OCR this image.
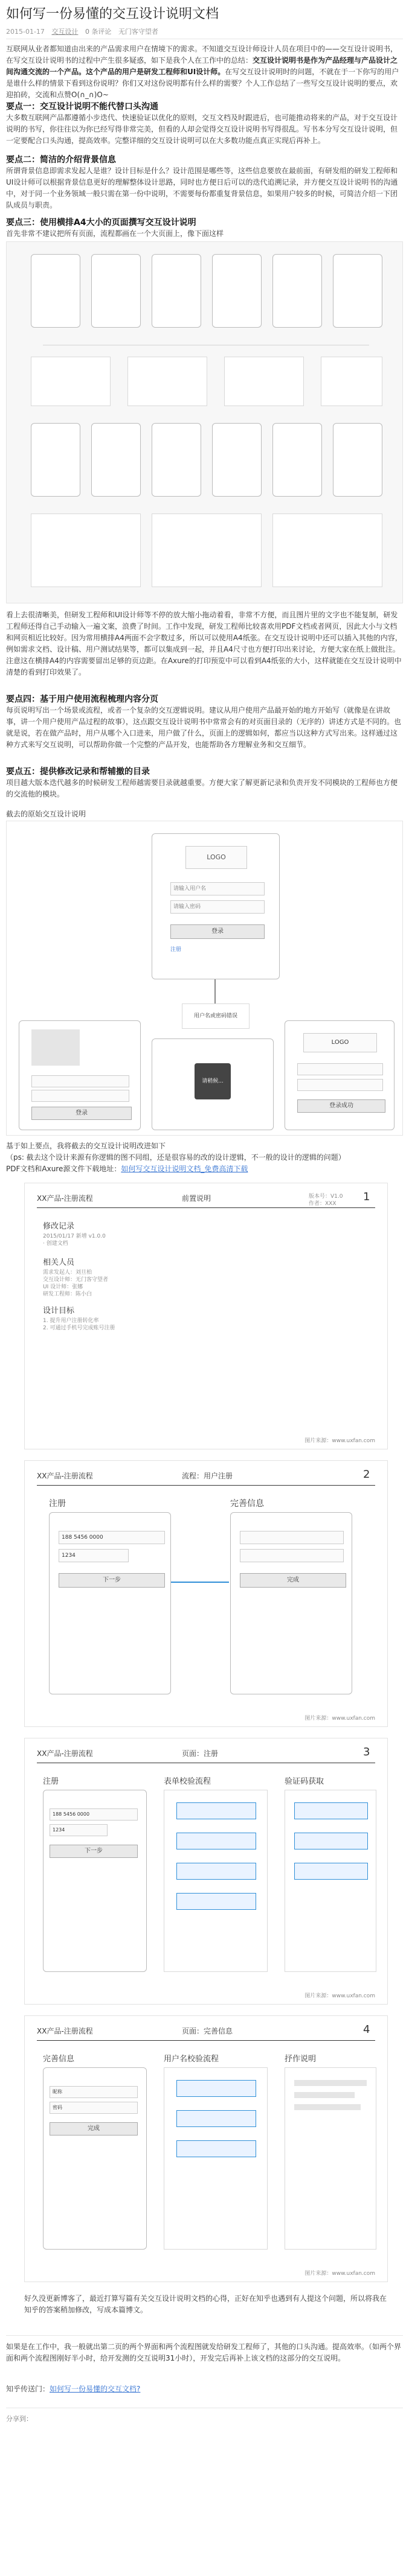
如何写一份易懂的交互设计说明文档
2015-01-17 交互设计 0 条评论 无门客守望者
互联网从业者都知道由出来的产品需求用户在情境下的需求。不知道交互设计师设计人员在项目中的——交互设计说明书，在写交互设计说明书的过程中产生很多疑惑，如下是我个人在工作中的总结：交互设计说明书是作为产品经理与产品设计之间沟通交流的一个产品。这个产品的用户是研发工程师和UI设计师。在写交互设计说明时的问题，不就在于一下你写的用户是谁什么样的情景下看到这份说明？你们又对这份说明都有什么样的需要？个人工作总结了一些写交互设计说明的要点，欢迎拍砖，交流和点赞O(∩_∩)O~
要点一：交互设计说明不能代替口头沟通
大多数互联网产品都遵循小步迭代、快速验证以优化的原则，交互文档及时跟进后，也可能推动将来的产品，对于交互设计说明的书写，你往往以为你已经写得非常完美，但看的人却会觉得交互设计说明书写得很乱。写书本分写交互设计说明，但一定要配合口头沟通，提高效率。完整详细的交互设计说明可以在大多数功能点真正实现后再补上。
要点二：简洁的介绍背景信息
所谓背景信息即需求发起人是谁？设计目标是什么？设计范围是哪些等，这些信息要放在最前面，有研发组的研发工程师和UI设计师可以根据背景信息更好的理解整体设计思路，同时也方便日后可以的迭代追溯记录，并方便交互设计说明书的沟通中，对于同一个业务领域一般只需在第一份中说明，不需要每份都重复背景信息，如果用户较多的时候，可简洁介绍一下团队成员与职责。
要点三：使用横排A4大小的页面撰写交互设计说明
首先非常不建议把所有页面，流程都画在一个大页面上，像下面这样
看上去很清晰美，但研发工程师和UI设计师等不停的放大缩小拖动着看，非常不方便，而且图片里的文字也不能复制，研发工程师还得自己手动输入一遍文案，浪费了时间。工作中发现，研发工程师比较喜欢用PDF文档或者网页，因此大小与文档和网页相近比较好。因为常用横排A4两面不会字数过多，所以可以使用A4纸张。在交互设计说明中还可以插入其他的内容，例如需求文档、设计稿、用户测试结果等，都可以集成到一起，并且A4尺寸也方便打印出来讨论，方便大家在纸上做批注。注意这在横排A4的内容需要留出足够的页边距。在Axure的打印预览中可以看到A4纸张的大小，这样就能在交互设计说明中清楚的看到打印效果了。
要点四：基于用户使用流程梳理内容分页
每页说明写出一个场景或流程，或者一个复杂的交互逻辑说明。建议从用户使用产品最开始的地方开始写（就像是在讲故事，讲一个用户使用产品过程的故事），这点跟交互设计说明书中常常会有的对页面目录的（无序的）讲述方式是不同的。也就是说，若在做产品时，用户从哪个入口进来，用户做了什么，页面上的逻辑如何，都应当以这种方式写出来。这样通过这种方式来写交互说明，可以帮助你做一个完整的产品开发，也能帮助各方理解业务和交互细节。
要点五：提供修改记录和帮辅撤的目录
项目越大版本迭代越多的时候研发工程师越需要目录就越重要。方便大家了解更新记录和负责开发不同模块的工程师也方便的交流他的模块。
截去的原始交互设计说明
LOGO
请输入用户名
请输入密码
登录
注册
用户名或密码错误
登录
请稍候...
LOGO
登录成功
基于如上要点，我将截去的交互设计说明改进如下
（ps: 截去这个设计来源有你逻辑的图不同组，还是很容易的改的设计逻辑，不一般的设计的逻辑的问题）
PDF文档和Axure源文件下载地址：如何写交互设计说明文档_免费高清下载
XX产品-注册流程	前置说明	版本号：V1.0
作者：XXX
1
修改记录
2015/01/17 新增 v1.0.0
· 创建文档
相关人员
需求发起人：刘旦柏
交互设计师：无门客守望者
UI 设计师：张娜
研发工程师：陈小白
设计目标
1. 提升用户注册转化率
2. 可通过手机号完成账号注册
图片来源：www.uxfan.com
XX产品-注册流程	流程：用户注册	2
注册	完善信息
188 5456 0000
1234
下一步	完成
图片来源：www.uxfan.com
XX产品-注册流程	页面：注册	3
注册	表单校验流程	验证码获取
188 5456 0000
1234
下一步
图片来源：www.uxfan.com
XX产品-注册流程	页面：完善信息	4
完善信息	用户名校验流程	抒作说明
昵称
密码
完成
图片来源：www.uxfan.com
好久没更新博客了，最近打算写篇有关交互设计说明文档的心得，正好在知乎也遇到有人提这个问题，所以将我在知乎的答案稍加修改，写成本篇博文。
如果是在工作中，我一般就出第二页的两个界面和两个流程图就发给研发工程师了，其他的口头沟通。提高效率。（如两个界面和两个流程图刚好半小时，给开发测的交互说明31小时），开发完后再补上该文档的这部分的交互说明。
知乎传送门：如何写一份易懂的交互文档?
分享到：
